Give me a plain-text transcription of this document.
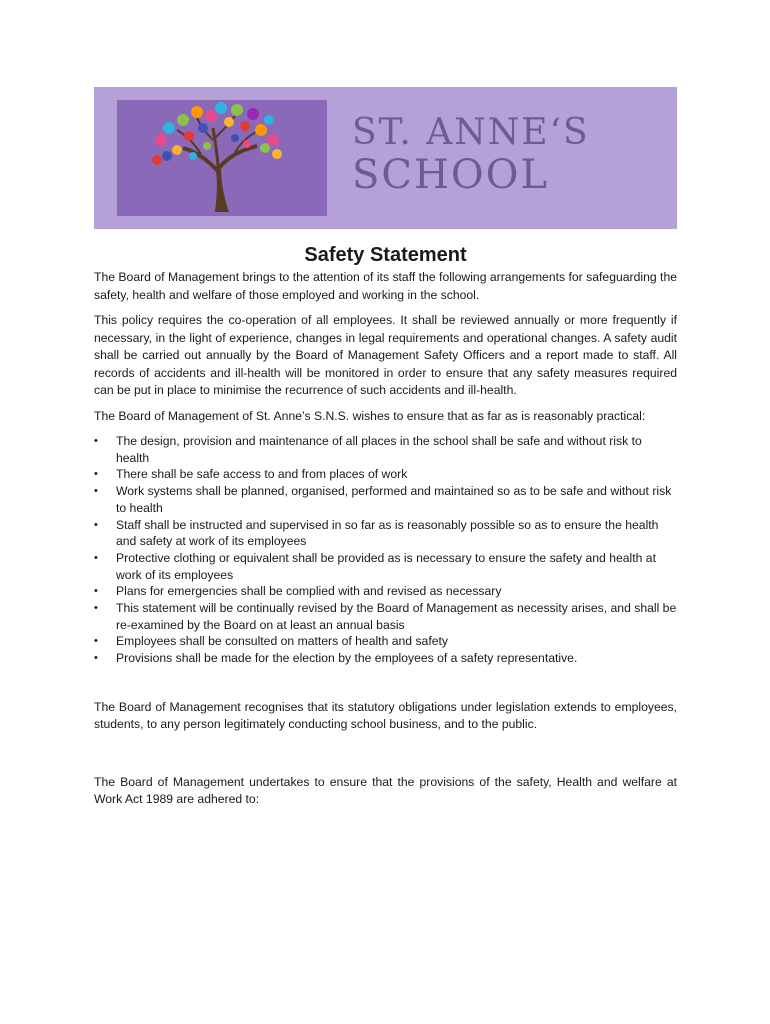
ST. ANNE‘S
SCHOOL
Safety Statement

The Board of Management brings to the attention of its staff the following arrangements for safeguarding the safety, health and welfare of those employed and working in the school.

This policy requires the co-operation of all employees. It shall be reviewed annually or more frequently if necessary, in the light of experience, changes in legal requirements and operational changes. A safety audit shall be carried out annually by the Board of Management Safety Officers and a report made to staff. All records of accidents and ill-health will be monitored in order to ensure that any safety measures required can be put in place to minimise the recurrence of such accidents and ill-health.

The Board of Management of St. Anne’s S.N.S. wishes to ensure that as far as is reasonably practical:

• The design, provision and maintenance of all places in the school shall be safe and without risk to health
• There shall be safe access to and from places of work
• Work systems shall be planned, organised, performed and maintained so as to be safe and without risk to health
• Staff shall be instructed and supervised in so far as is reasonably possible so as to ensure the health and safety at work of its employees
• Protective clothing or equivalent shall be provided as is necessary to ensure the safety and health at work of its employees
• Plans for emergencies shall be complied with and revised as necessary
• This statement will be continually revised by the Board of Management as necessity arises, and shall be re-examined by the Board on at least an annual basis
• Employees shall be consulted on matters of health and safety
• Provisions shall be made for the election by the employees of a safety representative.

The Board of Management recognises that its statutory obligations under legislation extends to employees, students, to any person legitimately conducting school business, and to the public.

The Board of Management undertakes to ensure that the provisions of the safety, Health and welfare at Work Act 1989 are adhered to:
